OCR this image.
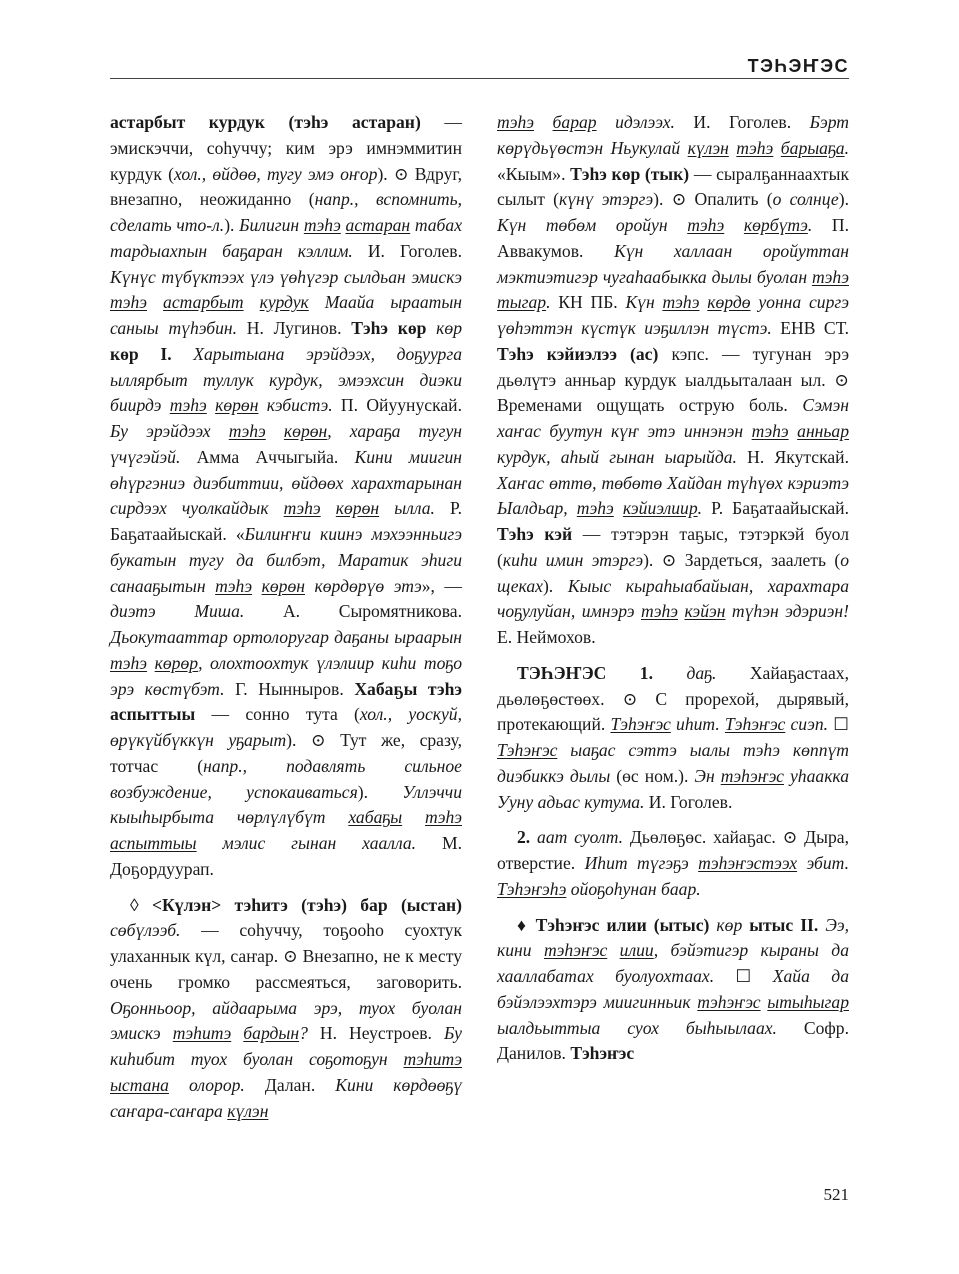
ТЭҺЭҤЭС

астарбыт курдук (тэһэ астаран) — эмискэччи, соһуччу; ким эрэ имнэммитин курдук (хол., өйдөө, тугу эмэ оҥор). ⊙ Вдруг, внезапно, неожиданно (напр., вспомнить, сделать что-л.). Билигин тэһэ астаран табах тардыахпын баҕаран кэллим. И. Гоголев. Күнүс түбүктээх үлэ үөһүгэр сылдьан эмискэ тэһэ астарбыт курдук Маайа ыраатын саныы түһэбин. Н. Лугинов. Тэһэ көр көр көр I. Харытыана эрэйдээх, доҕуурга ыллярбыт туллук курдук, эмээхсин диэки биирдэ тэһэ көрөн кэбистэ. П. Ойуунускай. Бу эрэйдээх тэһэ көрөн, хараҕа тугун үчүгэйэй. Амма Аччыгыйа. Кини миигин өһүргэниэ диэбиттии, өйдөөх харахтарынан сирдээх чуолкайдык тэһэ көрөн ылла. Р. Баҕатаайыскай. «Билиҥҥи киинэ мэхээнньигэ букатын тугу да билбэт, Маратик эһиги санааҕытын тэһэ көрөн көрдөрүө этэ», — диэтэ Миша. А. Сыромятникова. Дьокутааттар ортолоругар даҕаны ыраарын тэһэ көрөр, олохтоохтук үлэлиир киһи тоҕо эрэ көстүбэт. Г. Нынныров. Хабаҕы тэһэ аспыттыы — сонно тута (хол., уоскуй, өрүкүйбүккүн уҕарыт). ⊙ Тут же, сразу, тотчас (напр., подавлять сильное возбуждение, успокаиваться). Уллэччи кыыһырбыта чөрлүлүбүт хабаҕы тэһэ аспыттыы мэлис гынан хаалла. М. Доҕордуурап.

◊ <Күлэн> тэһитэ (тэһэ) бар (ыстан) сөбүлээб. — соһуччу, тоҕооһо суохтук улаханнык күл, саҥар. ⊙ Внезапно, не к месту очень громко рассмеяться, заговорить. Оҕонньоор, айдаарыма эрэ, туох буолан эмискэ тэһитэ бардын? Н. Неустроев. Бу киһибит туох буолан соҕотоҕун тэһитэ ыстана олорор. Далан. Кини көрдөөҕү саҥара-саҥара күлэн

тэһэ барар идэлээх. И. Гоголев. Бэрт көрүдьүөстэн Ньукулай күлэн тэһэ барыаҕа. «Кыым». Тэһэ көр (тык) — сыралҕаннаахтык сылыт (күнү этэргэ). ⊙ Опалить (о солнце). Күн төбөм оройун тэһэ көрбүтэ. П. Аввакумов. Күн халлаан оройуттан мэктиэтигэр чугаһаабыкка дылы буолан тэһэ тыгар. КН ПБ. Күн тэһэ көрдө уонна сиргэ үөһэттэн күстүк иэҕиллэн түстэ. ЕНВ СТ. Тэһэ кэйиэлээ (ас) кэпс. — тугунан эрэ дьөлүтэ анньар курдук ыалдьыталаан ыл. ⊙ Временами ощущать острую боль. Сэмэн хаҥас буутун күҥ этэ иннэнэн тэһэ анньар курдук, аһый гынан ыарыйда. Н. Якутскай. Хаҥас өттө, төбөтө Хайдан түһүөх кэриэтэ Ыалдьар, тэһэ кэйиэлиир. Р. Баҕатаайыскай. Тэһэ кэй — тэтэрэн таҕыс, тэтэркэй буол (киһи имин этэргэ). ⊙ Зардеться, заалеть (о щеках). Кыыс кыраһыабайыан, харахтара чоҕулуйан, имнэрэ тэһэ кэйэн түһэн эдэриэн! Е. Неймохов.

ТЭҺЭҤЭС 1. даҕ. Хайаҕастаах, дьөлөҕөстөөх. ⊙ С прорехой, дырявый, протекающий. Тэһэҥэс иһит. Тэһэҥэс сиэп. ☐ Тэһэҥэс ыаҕас сэттэ ыалы тэһэ көппүт диэбиккэ дылы (өс ном.). Эн тэһэҥэс уһаакка Ууну адьас кутума. И. Гоголев.

2. аат суолт. Дьөлөҕөс. хайаҕас. ⊙ Дыра, отверстие. Иһит түгэҕэ тэһэҥэстээх эбит. Тэһэҥэһэ ойоҕоһунан баар.

♦ Тэһэҥэс илии (ытыс) көр ытыс II. Ээ, кини тэһэҥэс илии, бэйэтигэр кыраны да хааллабатах буолуохтаах. ☐ Хайа да бэйэлээхтэрэ миигинньик тэһэҥэс ытыһыгар ыалдьыттыа суох быһыылаах. Софр. Данилов. Тэһэҥэс

521
